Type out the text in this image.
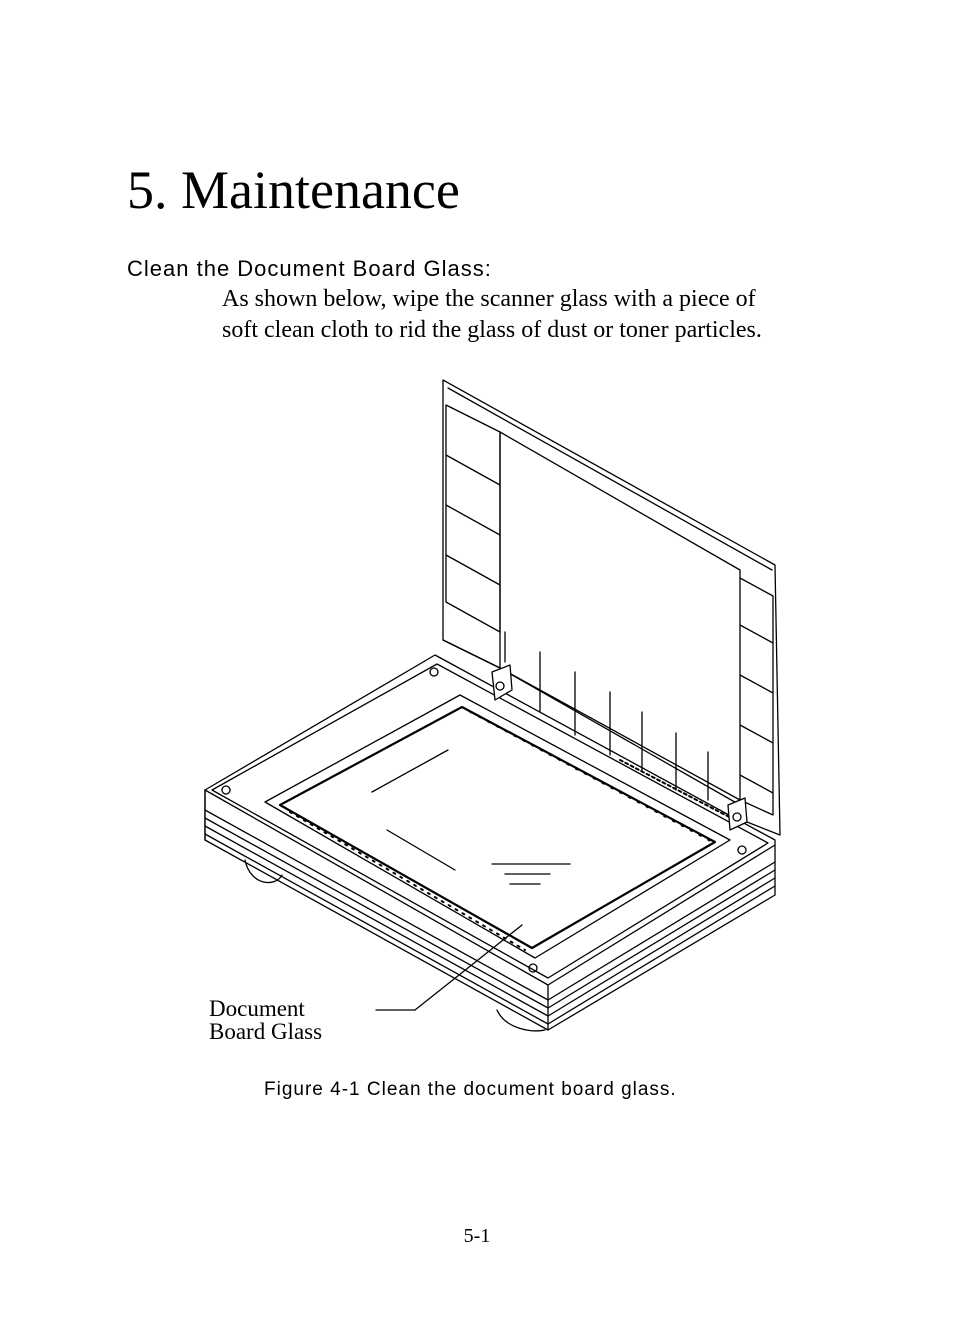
5. Maintenance
Clean the Document Board Glass:
As shown below, wipe the scanner glass with a piece of
soft clean cloth to rid the glass of dust or toner particles.
Document
Board Glass
Figure 4-1 Clean the document board glass.
5-1
